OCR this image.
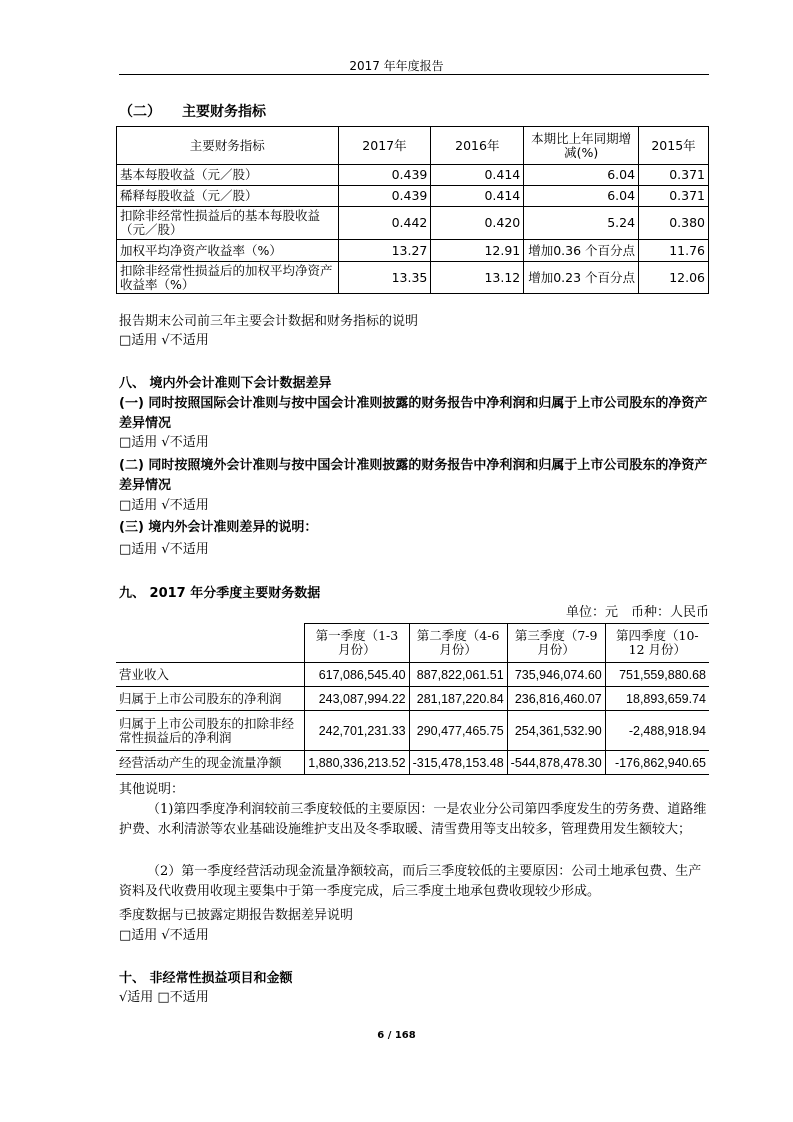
2017 年年度报告
（二）　　主要财务指标
主要财务指标	2017年	2016年	本期比上年同期增减(%)	2015年
基本每股收益（元／股）	0.439	0.414	6.04	0.371
稀释每股收益（元／股）	0.439	0.414	6.04	0.371
扣除非经常性损益后的基本每股收益（元／股）	0.442	0.420	5.24	0.380
加权平均净资产收益率（%）	13.27	12.91	增加0.36 个百分点	11.76
扣除非经常性损益后的加权平均净资产收益率（%）	13.35	13.12	增加0.23 个百分点	12.06
报告期末公司前三年主要会计数据和财务指标的说明
□适用 √不适用
八、 境内外会计准则下会计数据差异
(一) 同时按照国际会计准则与按中国会计准则披露的财务报告中净利润和归属于上市公司股东的净资产差异情况
□适用 √不适用
(二) 同时按照境外会计准则与按中国会计准则披露的财务报告中净利润和归属于上市公司股东的净资产差异情况
□适用 √不适用
(三) 境内外会计准则差异的说明：
□适用 √不适用
九、 2017 年分季度主要财务数据
单位：元　币种：人民币
	第一季度（1-3 月份）	第二季度（4-6 月份）	第三季度（7-9 月份）	第四季度（10-12 月份）
营业收入	617,086,545.40	887,822,061.51	735,946,074.60	751,559,880.68
归属于上市公司股东的净利润	243,087,994.22	281,187,220.84	236,816,460.07	18,893,659.74
归属于上市公司股东的扣除非经常性损益后的净利润	242,701,231.33	290,477,465.75	254,361,532.90	-2,488,918.94
经营活动产生的现金流量净额	1,880,336,213.52	-315,478,153.48	-544,878,478.30	-176,862,940.65
其他说明：
（1)第四季度净利润较前三季度较低的主要原因：一是农业分公司第四季度发生的劳务费、道路维护费、水利清淤等农业基础设施维护支出及冬季取暖、清雪费用等支出较多，管理费用发生额较大；
（2）第一季度经营活动现金流量净额较高，而后三季度较低的主要原因：公司土地承包费、生产资料及代收费用收现主要集中于第一季度完成，后三季度土地承包费收现较少形成。
季度数据与已披露定期报告数据差异说明
□适用 √不适用
十、 非经常性损益项目和金额
√适用 □不适用
6 / 168
